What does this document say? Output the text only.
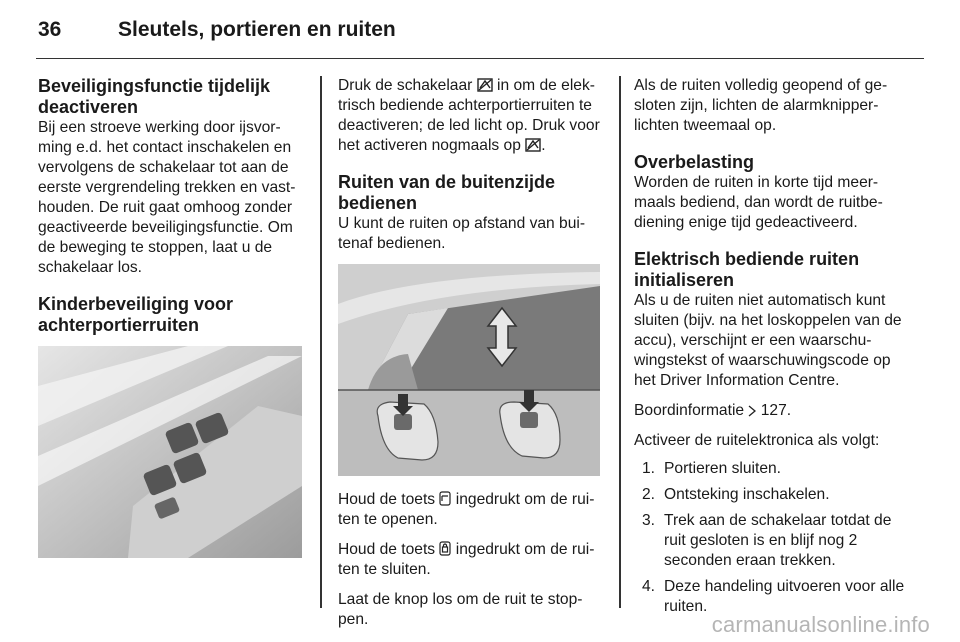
36	Sleutels, portieren en ruiten
Beveiligingsfunctie tijdelijk deactiveren

Bij een stroeve werking door ijsvor-ming e.d. het contact inschakelen en vervolgens de schakelaar tot aan de eerste vergrendeling trekken en vast-houden. De ruit gaat omhoog zonder geactiveerde beveiligingsfunctie. Om de beweging te stoppen, laat u de schakelaar los.

Kinderbeveiliging voor achterportierruiten

Druk de schakelaar  in om de elek-trisch bediende achterportierruiten te deactiveren; de led licht op. Druk voor het activeren nogmaals op .

Ruiten van de buitenzijde bedienen

U kunt de ruiten op afstand van bui-tenaf bedienen.

Houd de toets  ingedrukt om de rui-ten te openen.

Houd de toets  ingedrukt om de rui-ten te sluiten.

Laat de knop los om de ruit te stop-pen.

Als de ruiten volledig geopend of ge-sloten zijn, lichten de alarmknipper-lichten tweemaal op.

Overbelasting

Worden de ruiten in korte tijd meer-maals bediend, dan wordt de ruitbe-diening enige tijd gedeactiveerd.

Elektrisch bediende ruiten initialiseren

Als u de ruiten niet automatisch kunt sluiten (bijv. na het loskoppelen van de accu), verschijnt er een waarschu-wingstekst of waarschuwingscode op het Driver Information Centre.

Boordinformatie  127.

Activeer de ruitelektronica als volgt:

1. Portieren sluiten.
2. Ontsteking inschakelen.
3. Trek aan de schakelaar totdat de ruit gesloten is en blijf nog 2 seconden eraan trekken.
4. Deze handeling uitvoeren voor alle ruiten.
carmanualsonline.info
